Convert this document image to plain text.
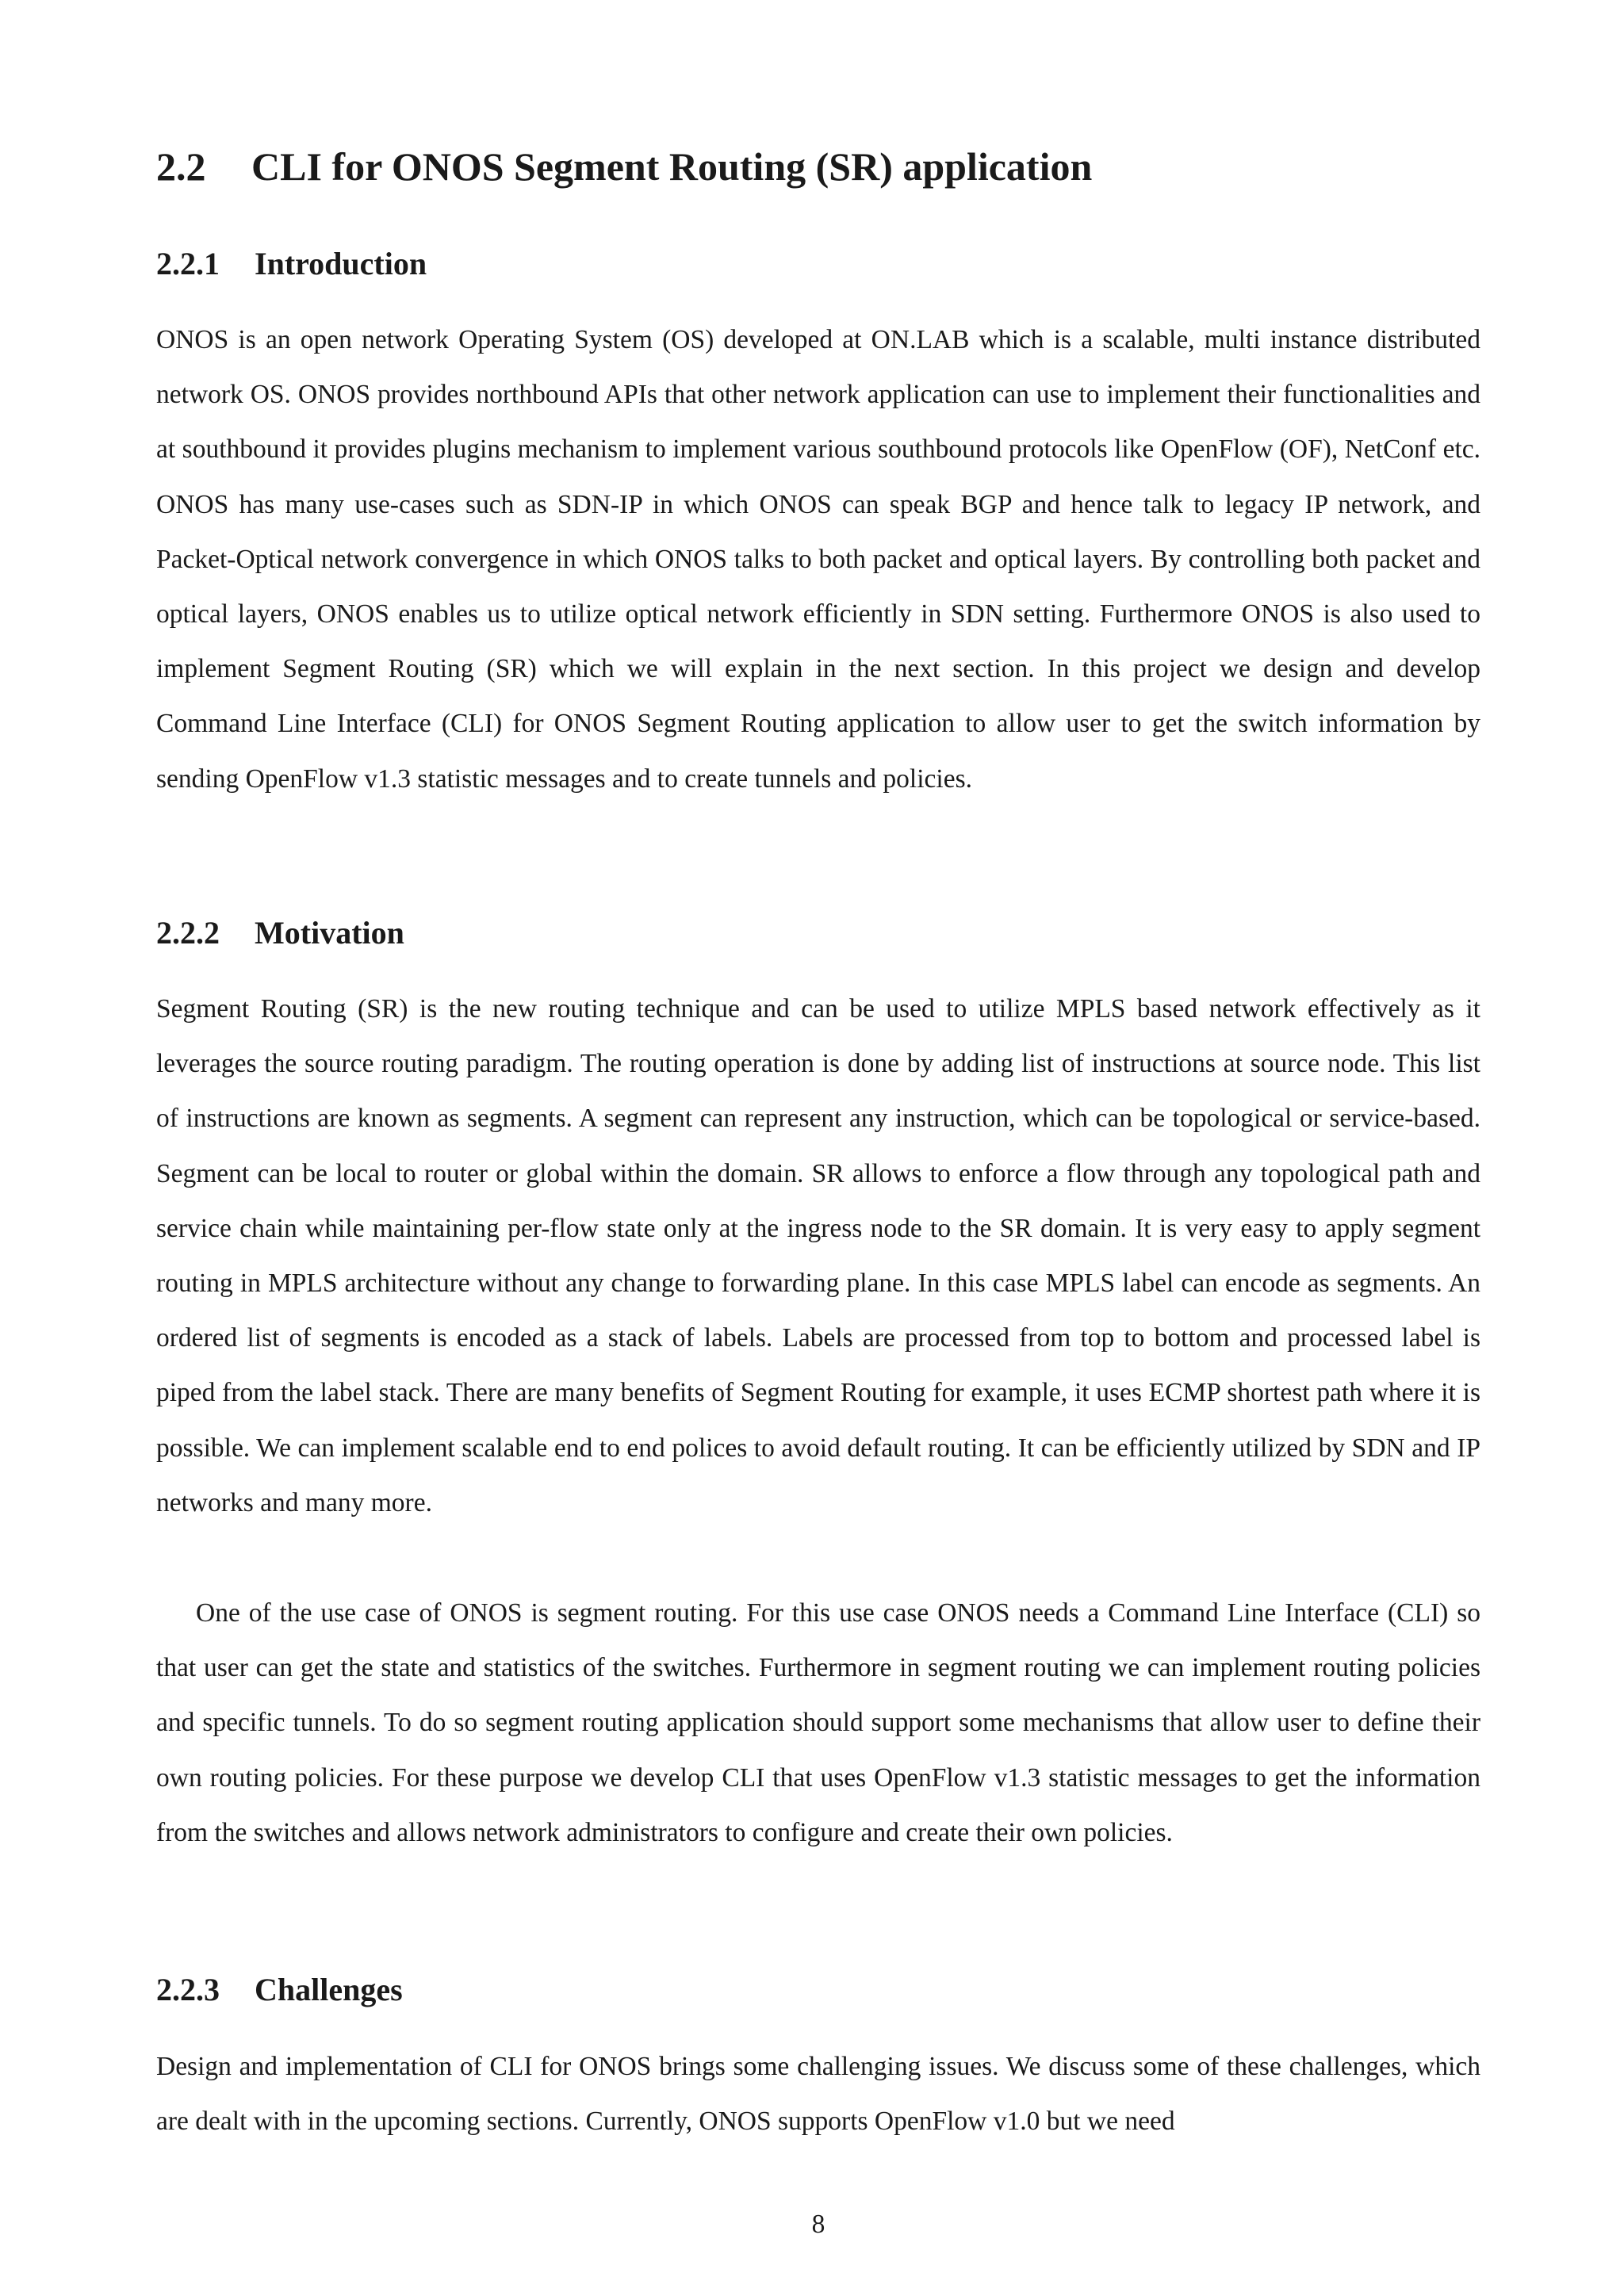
2.2 CLI for ONOS Segment Routing (SR) application
2.2.1 Introduction

ONOS is an open network Operating System (OS) developed at ON.LAB which is a scalable, multi instance distributed network OS. ONOS provides northbound APIs that other network application can use to implement their functionalities and at southbound it provides plugins mechanism to implement various southbound protocols like OpenFlow (OF), NetConf etc. ONOS has many use-cases such as SDN-IP in which ONOS can speak BGP and hence talk to legacy IP network, and Packet-Optical network convergence in which ONOS talks to both packet and optical layers. By controlling both packet and optical layers, ONOS enables us to utilize optical network efficiently in SDN setting. Furthermore ONOS is also used to implement Segment Routing (SR) which we will explain in the next section. In this project we design and develop Command Line Interface (CLI) for ONOS Segment Routing application to allow user to get the switch information by sending OpenFlow v1.3 statistic messages and to create tunnels and policies.

2.2.2 Motivation

Segment Routing (SR) is the new routing technique and can be used to utilize MPLS based network effectively as it leverages the source routing paradigm. The routing operation is done by adding list of instructions at source node. This list of instructions are known as segments. A segment can represent any instruction, which can be topological or service-based. Segment can be local to router or global within the domain. SR allows to enforce a flow through any topological path and service chain while maintaining per-flow state only at the ingress node to the SR domain. It is very easy to apply segment routing in MPLS architecture without any change to forwarding plane. In this case MPLS label can encode as segments. An ordered list of segments is encoded as a stack of labels. Labels are processed from top to bottom and processed label is piped from the label stack. There are many benefits of Segment Routing for example, it uses ECMP shortest path where it is possible. We can implement scalable end to end polices to avoid default routing. It can be efficiently utilized by SDN and IP networks and many more.

One of the use case of ONOS is segment routing. For this use case ONOS needs a Command Line Interface (CLI) so that user can get the state and statistics of the switches. Furthermore in segment routing we can implement routing policies and specific tunnels. To do so segment routing application should support some mechanisms that allow user to define their own routing policies. For these purpose we develop CLI that uses OpenFlow v1.3 statistic messages to get the information from the switches and allows network administrators to configure and create their own policies.

2.2.3 Challenges

Design and implementation of CLI for ONOS brings some challenging issues. We discuss some of these challenges, which are dealt with in the upcoming sections. Currently, ONOS supports OpenFlow v1.0 but we need

8
